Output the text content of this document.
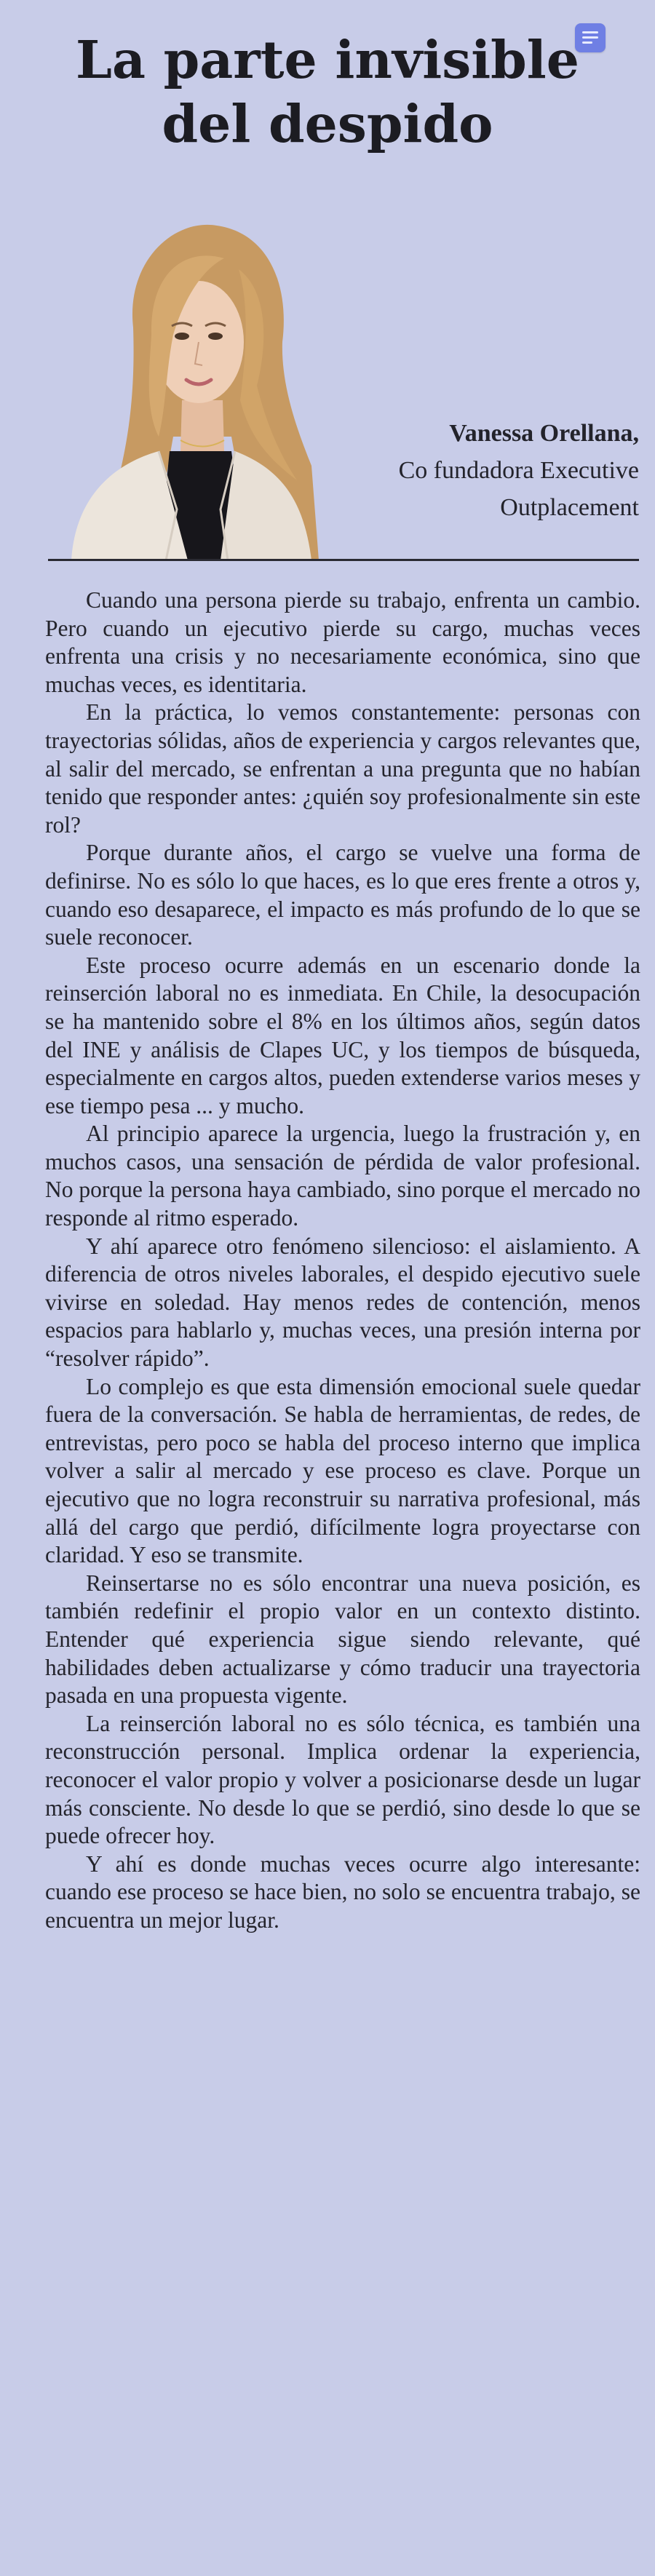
La parte invisible
del despido
Vanessa Orellana,
Co fundadora Executive
Outplacement

Cuando una persona pierde su trabajo, enfrenta un cambio. Pero cuando un ejecutivo pierde su cargo, muchas veces enfrenta una crisis y no necesariamente económica, sino que muchas veces, es identitaria.

En la práctica, lo vemos constantemente: personas con trayectorias sólidas, años de experiencia y cargos relevantes que, al salir del mercado, se enfrentan a una pregunta que no habían tenido que responder antes: ¿quién soy profesionalmente sin este rol?

Porque durante años, el cargo se vuelve una forma de definirse. No es sólo lo que haces, es lo que eres frente a otros y, cuando eso desaparece, el impacto es más profundo de lo que se suele reconocer.

Este proceso ocurre además en un escenario donde la reinserción laboral no es inmediata. En Chile, la desocupación se ha mantenido sobre el 8% en los últimos años, según datos del INE y análisis de Clapes UC, y los tiempos de búsqueda, especialmente en cargos altos, pueden extenderse varios meses y ese tiempo pesa ... y mucho.

Al principio aparece la urgencia, luego la frustración y, en muchos casos, una sensación de pérdida de valor profesional. No porque la persona haya cambiado, sino porque el mercado no responde al ritmo esperado.

Y ahí aparece otro fenómeno silencioso: el aislamiento. A diferencia de otros niveles laborales, el despido ejecutivo suele vivirse en soledad. Hay menos redes de contención, menos espacios para hablarlo y, muchas veces, una presión interna por “resolver rápido”.

Lo complejo es que esta dimensión emocional suele quedar fuera de la conversación. Se habla de herramientas, de redes, de entrevistas, pero poco se habla del proceso interno que implica volver a salir al mercado y ese proceso es clave. Porque un ejecutivo que no logra reconstruir su narrativa profesional, más allá del cargo que perdió, difícilmente logra proyectarse con claridad. Y eso se transmite.

Reinsertarse no es sólo encontrar una nueva posición, es también redefinir el propio valor en un contexto distinto. Entender qué experiencia sigue siendo relevante, qué habilidades deben actualizarse y cómo traducir una trayectoria pasada en una propuesta vigente.

La reinserción laboral no es sólo técnica, es también una reconstrucción personal. Implica ordenar la experiencia, reconocer el valor propio y volver a posicionarse desde un lugar más consciente. No desde lo que se perdió, sino desde lo que se puede ofrecer hoy.

Y ahí es donde muchas veces ocurre algo interesante: cuando ese proceso se hace bien, no solo se encuentra trabajo, se encuentra un mejor lugar.
